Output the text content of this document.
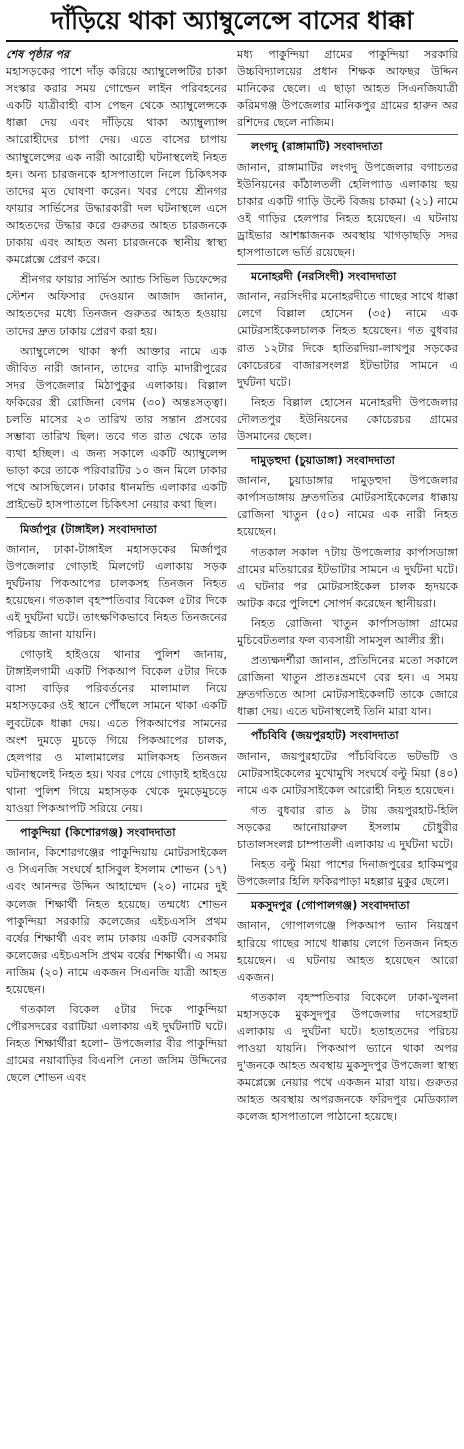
দাঁড়িয়ে থাকা অ্যাম্বুলেন্সে বাসের ধাক্কা

শেষ পৃষ্ঠার পর

মহাসড়কের পাশে দাঁড় করিয়ে অ্যাম্বুলেন্সটির চাকা সংস্কার করার সময় গোল্ডেন লাইন পরিবহনের একটি যাত্রীবাহী বাস পেছন থেকে অ্যাম্বুলেন্সকে ধাক্কা দেয় এবং দাঁড়িয়ে থাকা অ্যাম্বুল্যান্স আরোহীদের চাপা দেয়। এতে বাসের চাপায় অ্যাম্বুলেন্সের এক নারী আরোহী ঘটনাস্থলেই নিহত হন। অন্য চারজনকে হাসপাতালে নিলে চিকিৎসক তাদের মৃত ঘোষণা করেন। খবর পেয়ে শ্রীনগর ফায়ার সার্ভিসের উদ্ধারকারী দল ঘটনাস্থলে এসে আহতদের উদ্ধার করে গুরুতর আহত চারজনকে ঢাকায় এবং আহত অন্য চারজনকে স্থানীয় স্বাস্থ্য কমপ্লেক্সে প্রেরণ করে।

শ্রীনগর ফায়ার সার্ভিস অ্যান্ড সিভিল ডিফেন্সের স্টেশন অফিসার দেওয়ান আজাদ জানান, আহতদের মধ্যে তিনজন গুরুতর আহত হওয়ায় তাদের দ্রুত ঢাকায় প্রেরণ করা হয়।

অ্যাম্বুলেন্সে থাকা স্বর্ণা আক্তার নামে এক জীবিত নারী জানান, তাদের বাড়ি মাদারীপুরের সদর উপজেলার মিঠাপুকুর এলাকায়। বিল্লাল ফকিরের স্ত্রী রোজিনা বেগম (৩০) অন্তঃসত্ত্বা। চলতি মাসের ২৩ তারিখ তার সন্তান প্রসবের সম্ভাব্য তারিখ ছিল। তবে গত রাত থেকে তার ব্যথা হচ্ছিল। এ জন্য সকালে একটি অ্যাম্বুলেন্স ভাড়া করে তাকে পরিবারটির ১০ জন মিলে ঢাকার পথে আসছিলেন। ঢাকার ধানমন্ডি এলাকার একটি প্রাইভেট হাসপাতালে চিকিৎসা নেয়ার কথা ছিল।

মির্জাপুর (টাঙ্গাইল) সংবাদদাতা

জানান, ঢাকা-টাঙ্গাইল মহাসড়কের মির্জাপুর উপজেলার গোড়াই মিলগেট এলাকায় সড়ক দুর্ঘটনায় পিকআপের চালকসহ তিনজন নিহত হয়েছেন। গতকাল বৃহস্পতিবার বিকেল ৫টার দিকে এই দুর্ঘটনা ঘটে। তাৎক্ষণিকভাবে নিহত তিনজনের পরিচয় জানা যায়নি।

গোড়াই হাইওয়ে থানার পুলিশ জানায়, টাঙ্গাইলগামী একটি পিকআপ বিকেল ৫টার দিকে বাসা বাড়ির পরিবর্তনের মালামাল নিয়ে মহাসড়কের ওই স্থানে পৌঁছলে সামনে থাকা একটি লুবটেকে ধাক্কা দেয়। এতে পিকআপের সামনের অংশ দুমড়ে মুচড়ে গিয়ে পিকআপের চালক, হেলপার ও মালামালের মালিকসহ তিনজন ঘটনাস্থলেই নিহত হয়। খবর পেয়ে গোড়াই হাইওয়ে থানা পুলিশ গিয়ে মহাসড়ক থেকে দুমড়েমুচড়ে যাওয়া পিকআপটি সরিয়ে নেয়।

পাকুন্দিয়া (কিশোরগঞ্জ) সংবাদদাতা

জানান, কিশোরগঞ্জের পাকুন্দিয়ায় মোটরসাইকেল ও সিএনজি সংঘর্ষে হাসিবুল ইসলাম শোভন (১৭) এবং আনন্দর উদ্দিন আহাম্মেদ (২০) নামের দুই কলেজ শিক্ষার্থী নিহত হয়েছে। তন্মধ্যে শোভন পাকুন্দিয়া সরকারি কলেজের এইচএসসি প্রথম বর্ষের শিক্ষার্থী এবং লাম ঢাকায় একটি বেসরকারি কলেজের এইচএসসি প্রথম বর্ষের শিক্ষার্থী। এ সময় নাজিম (২০) নামে একজন সিএনজি যাত্রী আহত হয়েছেন।

গতকাল বিকেল ৫টার দিকে পাকুন্দিয়া পৌরসদরের বরাটিয়া এলাকায় এই দুর্ঘটনাটি ঘটে। নিহত শিক্ষার্থীরা হলো– উপজেলার বীর পাকুন্দিয়া গ্রামের নয়াবাড়ির বিএনপি নেতা জসিম উদ্দিনের ছেলে শোভন এবং

মধ্য পাকুন্দিয়া গ্রামের পাকুন্দিয়া সরকারি উচ্চবিদ্যালয়ের প্রধান শিক্ষক আফছর উদ্দিন মানিকের ছেলে। এ ছাড়া আহত সিএনজিযাত্রী করিমগঞ্জ উপজেলার মানিকপুর গ্রামের হারুন অর রশিদের ছেলে নাজিম।

লংগদু (রাঙ্গামাটি) সংবাদদাতা

জানান, রাঙ্গামাটির লংগদু উপজেলার বগাচতর ইউনিয়নের কাঁঠালতলী হেলিপ্যাড এলাকায় ছয় চাকার একটি গাড়ি উল্টে বিজয় চাকমা (২১) নামে ওই গাড়ির হেলপার নিহত হয়েছেন। এ ঘটনায় ড্রাইভার আশঙ্কাজনক অবস্থায় খাগড়াছড়ি সদর হাসপাতালে ভর্তি রয়েছেন।

মনোহরদী (নরসিংদী) সংবাদদাতা

জানান, নরসিংদীর মনোহরদীতে গাছের সাথে ধাক্কা লেগে বিল্লাল হোসেন (৩৫) নামে এক মোটরসাইকেলচালক নিহত হয়েছেন। গত বুধবার রাত ১২টার দিকে হাতিরদিয়া-লাখপুর সড়কের কোচেরচর বাজারসংলগ্ন ইটভাটার সামনে এ দুর্ঘটনা ঘটে।

নিহত বিল্লাল হোসেন মনোহরদী উপজেলার দৌলতপুর ইউনিয়নের কোচেরচর গ্রামের উসমানের ছেলে।

দামুড়হুদা (চুয়াডাঙ্গা) সংবাদদাতা

জানান, চুয়াডাঙ্গার দামুড়হুদা উপজেলার কার্পাসডাঙ্গায় দ্রুতগতির মোটরসাইকেলের ধাক্কায় রোজিনা খাতুন (৫০) নামের এক নারী নিহত হয়েছেন।

গতকাল সকাল ৭টায় উপজেলার কার্পাসডাঙ্গা গ্রামের মতিয়ারের ইটভাটার সামনে এ দুর্ঘটনা ঘটে। এ ঘটনার পর মোটরসাইকেল চালক হৃদয়কে আটক করে পুলিশে সোপর্দ করেছেন স্থানীয়রা।

নিহত রোজিনা খাতুন কার্পাসডাঙ্গা গ্রামের মুচিবেটতলার ফল ব্যবসায়ী সামসুল আলীর স্ত্রী।

প্রত্যক্ষদর্শীরা জানান, প্রতিদিনের মতো সকালে রোজিনা খাতুন প্রাতঃভ্রমণে বের হন। এ সময় দ্রুতগতিতে আসা মোটরসাইকেলটি তাকে জোরে ধাক্কা দেয়। এতে ঘটনাস্থলেই তিনি মারা যান।

পাঁচবিবি (জয়পুরহাট) সংবাদদাতা

জানান, জয়পুরহাটের পাঁচবিবিতে ভটভটি ও মোটরসাইকেলের মুখোমুখি সংঘর্ষে বল্টু মিয়া (৪০) নামে এক মোটরসাইকেল আরোহী নিহত হয়েছেন।

গত বুধবার রাত ৯ টায় জয়পুরহাট-হিলি সড়কের আনোয়ারুল ইসলাম চৌধুরীর চাতালসংলগ্ন চাম্পাতলী এলাকায় এ দুর্ঘটনা ঘটে।

নিহত বল্টু মিয়া পাশের দিনাজপুরের হাকিমপুর উপজেলার হিলি ফকিরপাড়া মহল্লার মুকুর ছেলে।

মকসুদপুর (গোপালগঞ্জ) সংবাদদাতা

জানান, গোপালগঞ্জে পিকআপ ভ্যান নিয়ন্ত্রণ হারিয়ে গাছের সাথে ধাক্কায় লেগে তিনজন নিহত হয়েছেন। এ ঘটনায় আহত হয়েছেন আরো একজন।

গতকাল বৃহস্পতিবার বিকেলে ঢাকা-খুলনা মহাসড়কে মুকসুদপুর উপজেলার দাসেরহাট এলাকায় এ দুর্ঘটনা ঘটে। হতাহতদের পরিচয় পাওয়া যায়নি। পিকআপ ভ্যানে থাকা অপর দু'জনকে আহত অবস্থায় মুকসুদপুর উপজেলা স্বাস্থ্য কমপ্লেক্সে নেয়ার পথে একজন মারা যায়। গুরুতর আহত অবস্থায় অপরজনকে ফরিদপুর মেডিক্যাল কলেজ হাসপাতালে পাঠানো হয়েছে।
